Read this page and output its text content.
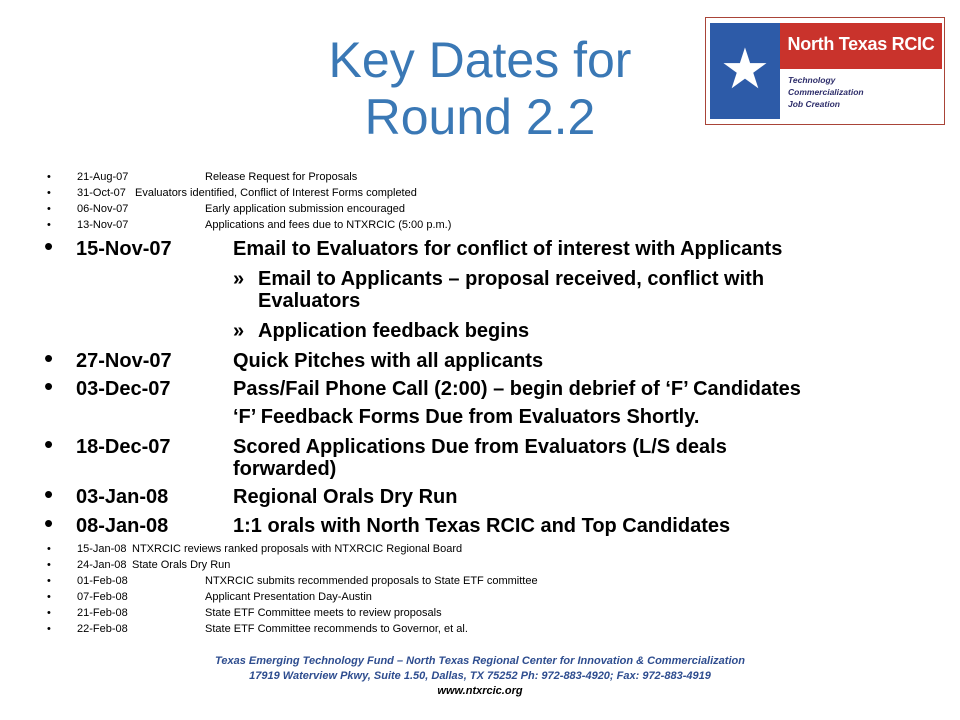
Key Dates for
Round 2.2
★ North Texas RCIC
Technology
Commercialization
Job Creation
• 21-Aug-07	Release Request for Proposals
• 31-Oct-07 Evaluators identified, Conflict of Interest Forms completed
• 06-Nov-07	Early application submission encouraged
• 13-Nov-07	Applications and fees due to NTXRCIC (5:00 p.m.)
• 15-Nov-07	Email to Evaluators for conflict of interest with Applicants
» Email to Applicants – proposal received, conflict with
Evaluators
» Application feedback begins
• 27-Nov-07	Quick Pitches with all applicants
• 03-Dec-07	Pass/Fail Phone Call (2:00) – begin debrief of ‘F’ Candidates
‘F’ Feedback Forms Due from Evaluators Shortly.
• 18-Dec-07	Scored Applications Due from Evaluators (L/S deals
forwarded)
• 03-Jan-08	Regional Orals Dry Run
• 08-Jan-08	1:1 orals with North Texas RCIC and Top Candidates
• 15-Jan-08 NTXRCIC reviews ranked proposals with NTXRCIC Regional Board
• 24-Jan-08 State Orals Dry Run
• 01-Feb-08	NTXRCIC submits recommended proposals to State ETF committee
• 07-Feb-08	Applicant Presentation Day-Austin
• 21-Feb-08	State ETF Committee meets to review proposals
• 22-Feb-08	State ETF Committee recommends to Governor, et al.
Texas Emerging Technology Fund – North Texas Regional Center for Innovation & Commercialization
17919 Waterview Pkwy, Suite 1.50, Dallas, TX 75252 Ph: 972-883-4920; Fax: 972-883-4919
www.ntxrcic.org
